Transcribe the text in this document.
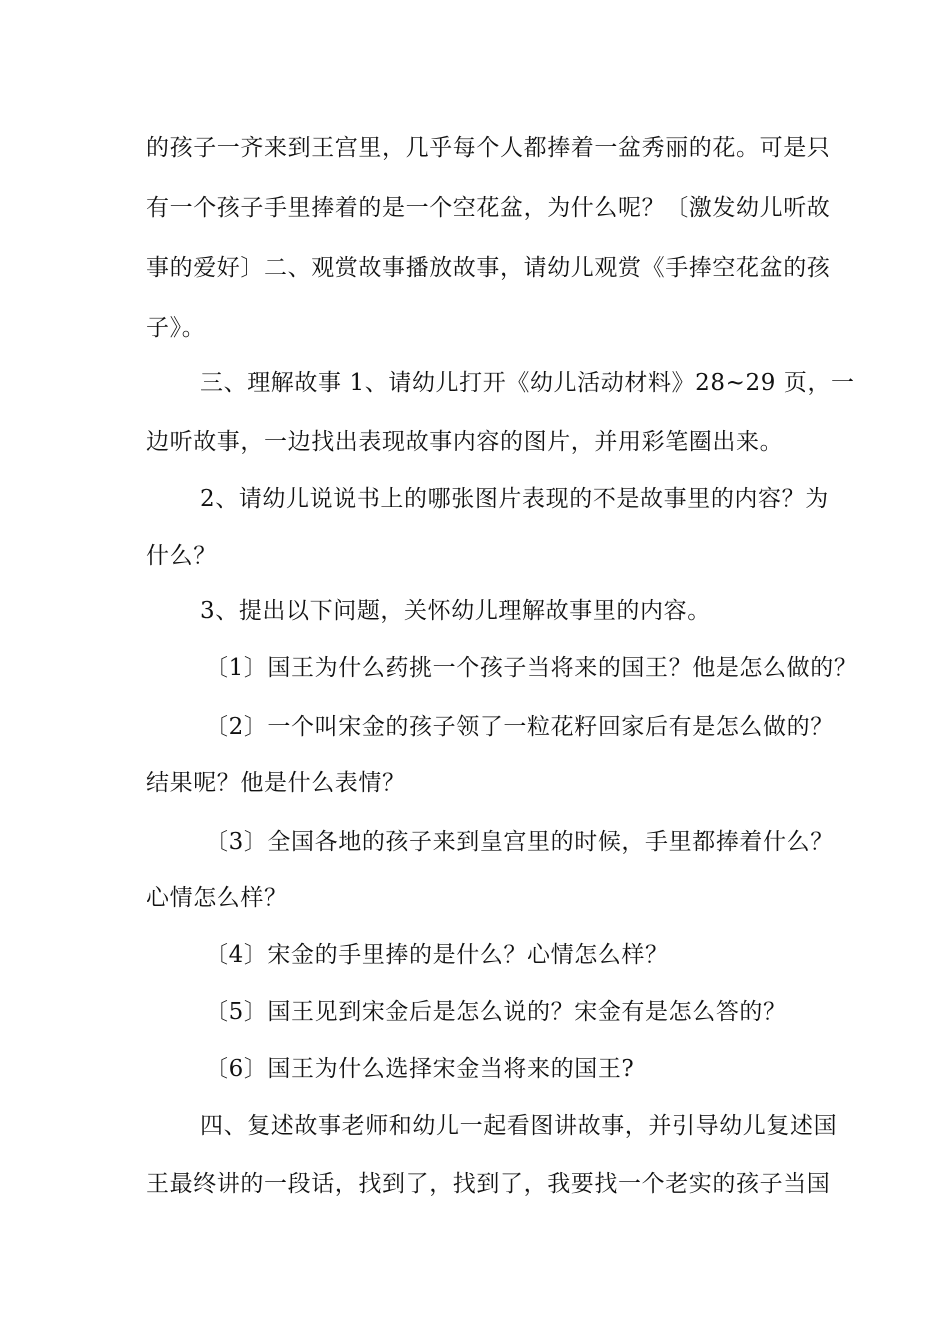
的孩子一齐来到王宫里，几乎每个人都捧着一盆秀丽的花。可是只
有一个孩子手里捧着的是一个空花盆，为什么呢？〔激发幼儿听故
事的爱好〕二、观赏故事播放故事，请幼儿观赏《手捧空花盆的孩
子》。
三、理解故事 1、请幼儿打开《幼儿活动材料》28~29 页，一
边听故事，一边找出表现故事内容的图片，并用彩笔圈出来。
2、请幼儿说说书上的哪张图片表现的不是故事里的内容？为
什么？
3、提出以下问题，关怀幼儿理解故事里的内容。
〔1〕国王为什么药挑一个孩子当将来的国王？他是怎么做的？
〔2〕一个叫宋金的孩子领了一粒花籽回家后有是怎么做的？
结果呢？他是什么表情？
〔3〕全国各地的孩子来到皇宫里的时候，手里都捧着什么？
心情怎么样？
〔4〕宋金的手里捧的是什么？心情怎么样？
〔5〕国王见到宋金后是怎么说的？宋金有是怎么答的？
〔6〕国王为什么选择宋金当将来的国王?
四、复述故事老师和幼儿一起看图讲故事，并引导幼儿复述国
王最终讲的一段话，找到了，找到了，我要找一个老实的孩子当国
